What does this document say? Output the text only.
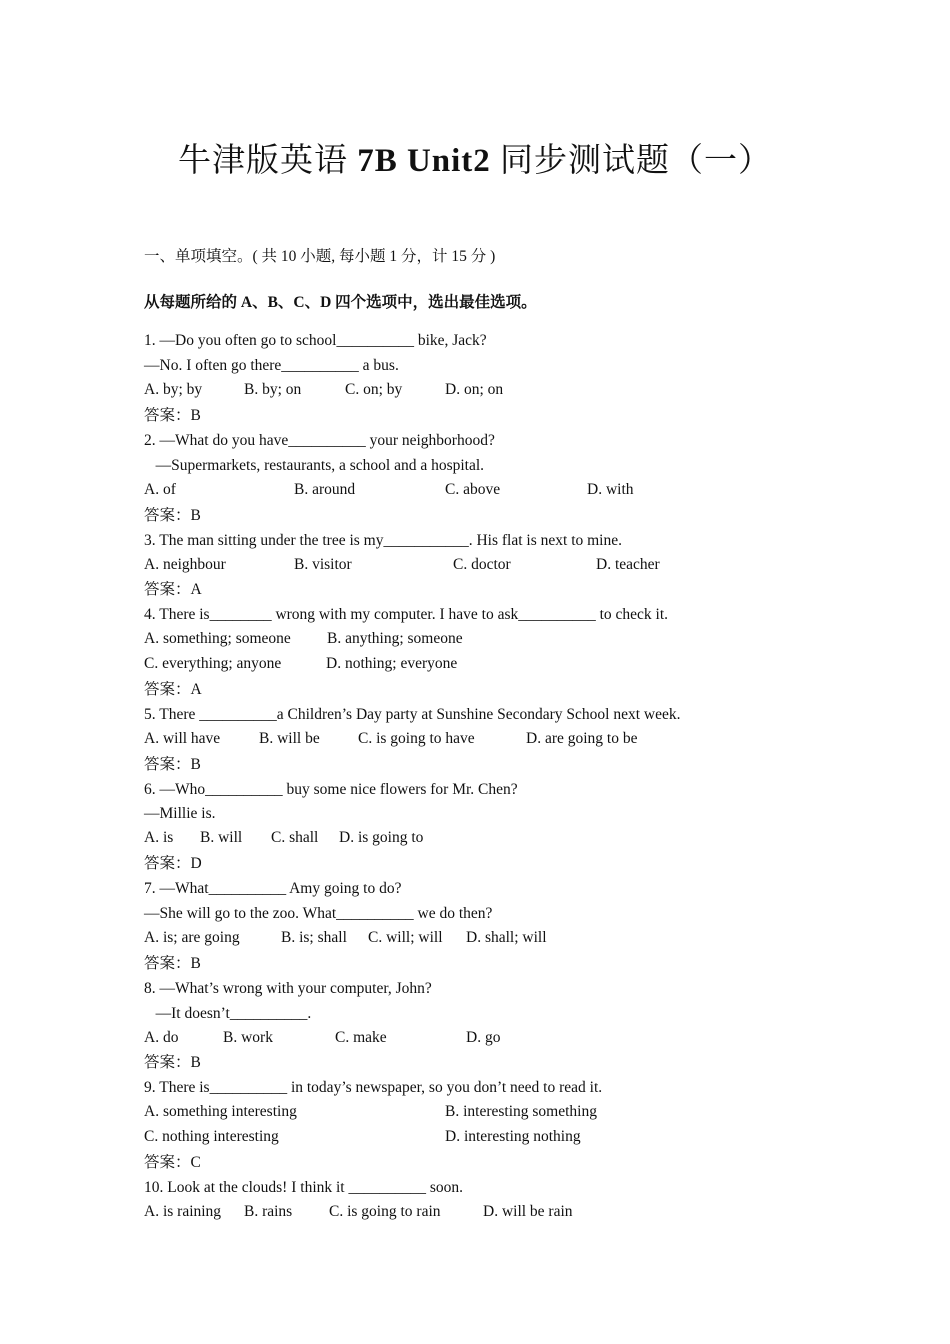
牛津版英语 7B Unit2 同步测试题（一）
一、单项填空。( 共 10 小题, 每小题 1 分，计 15 分 )
从每题所给的 A、B、C、D 四个选项中，选出最佳选项。
1. —Do you often go to school__________ bike, Jack?
—No. I often go there__________ a bus.
A. by; by	B. by; on	C. on; by	D. on; on
答案：B
2. —What do you have__________ your neighborhood?
—Supermarkets, restaurants, a school and a hospital.
A. of	B. around	C. above	D. with
答案：B
3. The man sitting under the tree is my___________. His flat is next to mine.
A. neighbour	B. visitor	C. doctor	D. teacher
答案：A
4. There is________ wrong with my computer. I have to ask__________ to check it.
A. something; someone B. anything; someone
C. everything; anyone	D. nothing; everyone
答案：A
5. There __________a Children’s Day party at Sunshine Secondary School next week.
A. will have	B. will be C. is going to have	D. are going to be
答案：B
6. —Who__________ buy some nice flowers for Mr. Chen?
—Millie is.
A. is B. will C. shall D. is going to
答案：D
7. —What__________ Amy going to do?
—She will go to the zoo. What__________ we do then?
A. is; are going	B. is; shall C. will; will D. shall; will
答案：B
8. —What’s wrong with your computer, John?
—It doesn’t__________.
A. do	B. work	C. make	D. go
答案：B
9. There is__________ in today’s newspaper, so you don’t need to read it.
A. something interesting	B. interesting something
C. nothing interesting	D. interesting nothing
答案：C
10. Look at the clouds! I think it __________ soon.
A. is raining B. rains C. is going to rain	D. will be rain
